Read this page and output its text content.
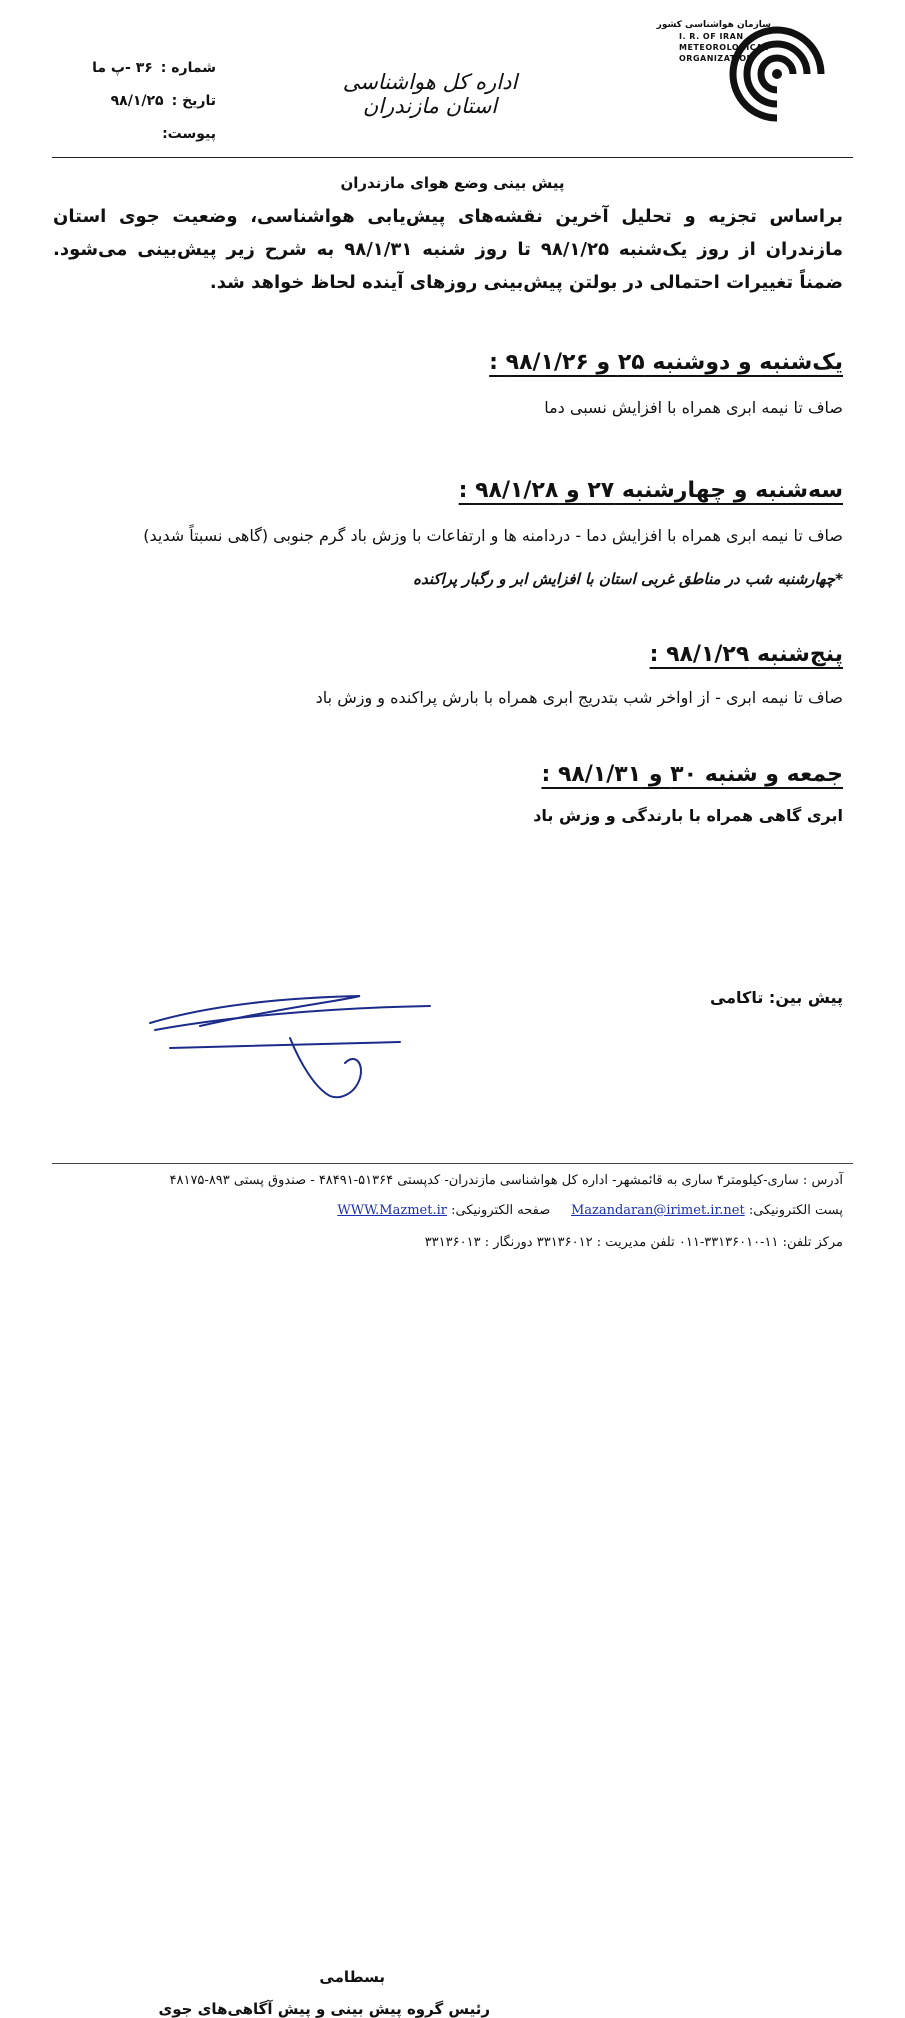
سازمان هواشناسی کشور
I. R. OF IRAN
METEOROLOGICAL
ORGANIZATION
اداره کل هواشناسی استان مازندران
شماره :
۳۶ -پ ما
تاریخ :
۹۸/۱/۲۵
پیوست:
پیش بینی وضع هوای مازندران
براساس تجزیه و تحلیل آخرین نقشه‌های پیش‌یابی هواشناسی، وضعیت جوی استان مازندران از روز یک‌شنبه ۹۸/۱/۲۵ تا روز شنبه ۹۸/۱/۳۱ به شرح زیر پیش‌بینی می‌شود. ضمناً تغییرات احتمالی در بولتن پیش‌بینی روزهای آینده لحاظ خواهد شد.
یک‌شنبه و دوشنبه ۲۵ و ۹۸/۱/۲۶ :
صاف تا نیمه ابری همراه با افزایش نسبی دما
سه‌شنبه و چهارشنبه ۲۷ و ۹۸/۱/۲۸ :
صاف تا نیمه ابری همراه با افزایش دما - دردامنه ها و ارتفاعات با وزش باد گرم جنوبی (گاهی نسبتاً شدید)
*چهارشنبه شب در مناطق غربی استان با افزایش ابر و رگبار پراکنده
پنج‌شنبه ۹۸/۱/۲۹ :
صاف تا نیمه ابری - از اواخر شب بتدریج ابری همراه با بارش پراکنده و وزش باد
جمعه و شنبه ۳۰ و ۹۸/۱/۳۱ :
ابری گاهی همراه با بارندگی و وزش باد
پیش بین: تاکامی
بسطامی
رئیس گروه پیش بینی و پیش آگاهی‌های جوی
آدرس : ساری-کیلومتر۴ ساری به قائمشهر- اداره کل هواشناسی مازندران- کدپستی ۵۱۳۶۴-۴۸۴۹۱ - صندوق پستی ۸۹۳-۴۸۱۷۵
پست الکترونیکی: Mazandaran@irimet.ir.net     صفحه الکترونیکی: WWW.Mazmet.ir
مرکز تلفن: ۱۱-۳۳۱۳۶۰۱۰-۰۱۱ تلفن مدیریت : ۳۳۱۳۶۰۱۲ دورنگار : ۳۳۱۳۶۰۱۳
